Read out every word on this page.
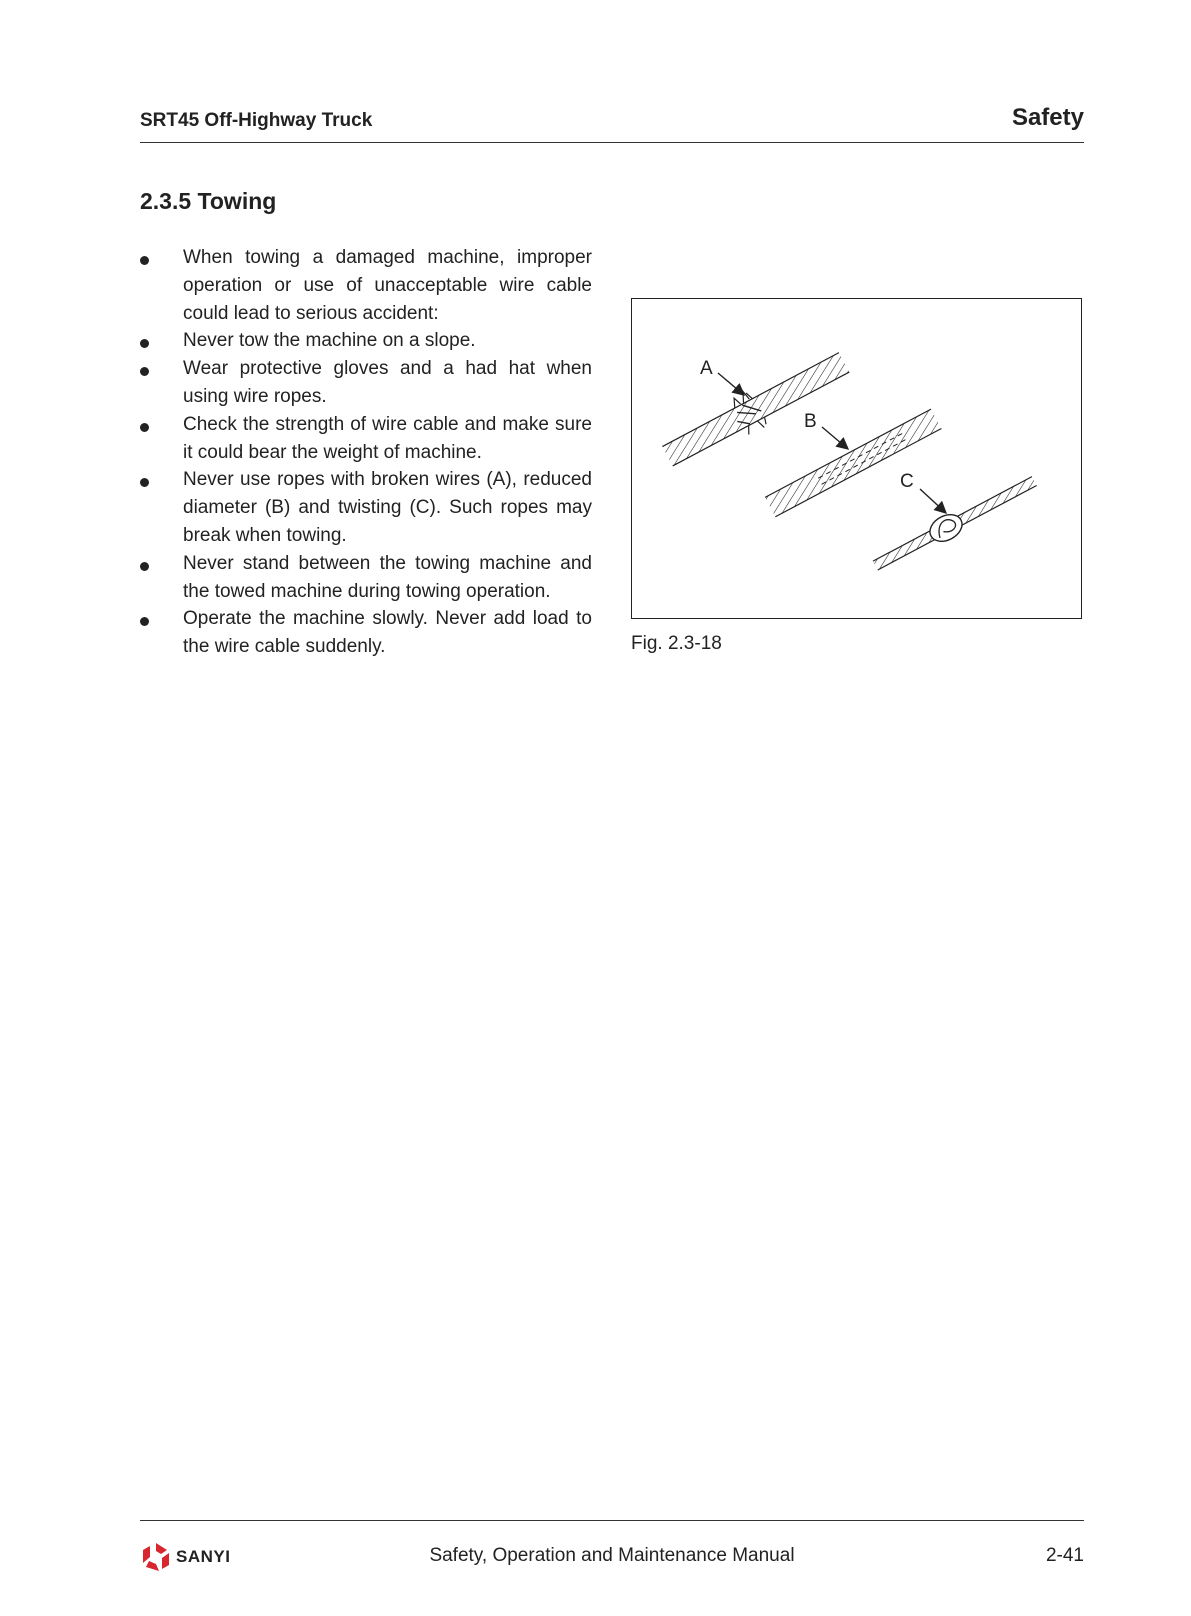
SRT45 Off-Highway Truck	Safety
2.3.5 Towing
When towing a damaged machine, improper operation or use of unacceptable wire cable could lead to serious accident:
Never tow the machine on a slope.
Wear protective gloves and a had hat when using wire ropes.
Check the strength of wire cable and make sure it could bear the weight of machine.
Never use ropes with broken wires (A), reduced diameter (B) and twisting (C). Such ropes may break when towing.
Never stand between the towing machine and the towed machine during towing operation.
Operate the machine slowly. Never add load to the wire cable suddenly.
A
B
C
Fig. 2.3-18
SANYI	Safety, Operation and Maintenance Manual	2-41
